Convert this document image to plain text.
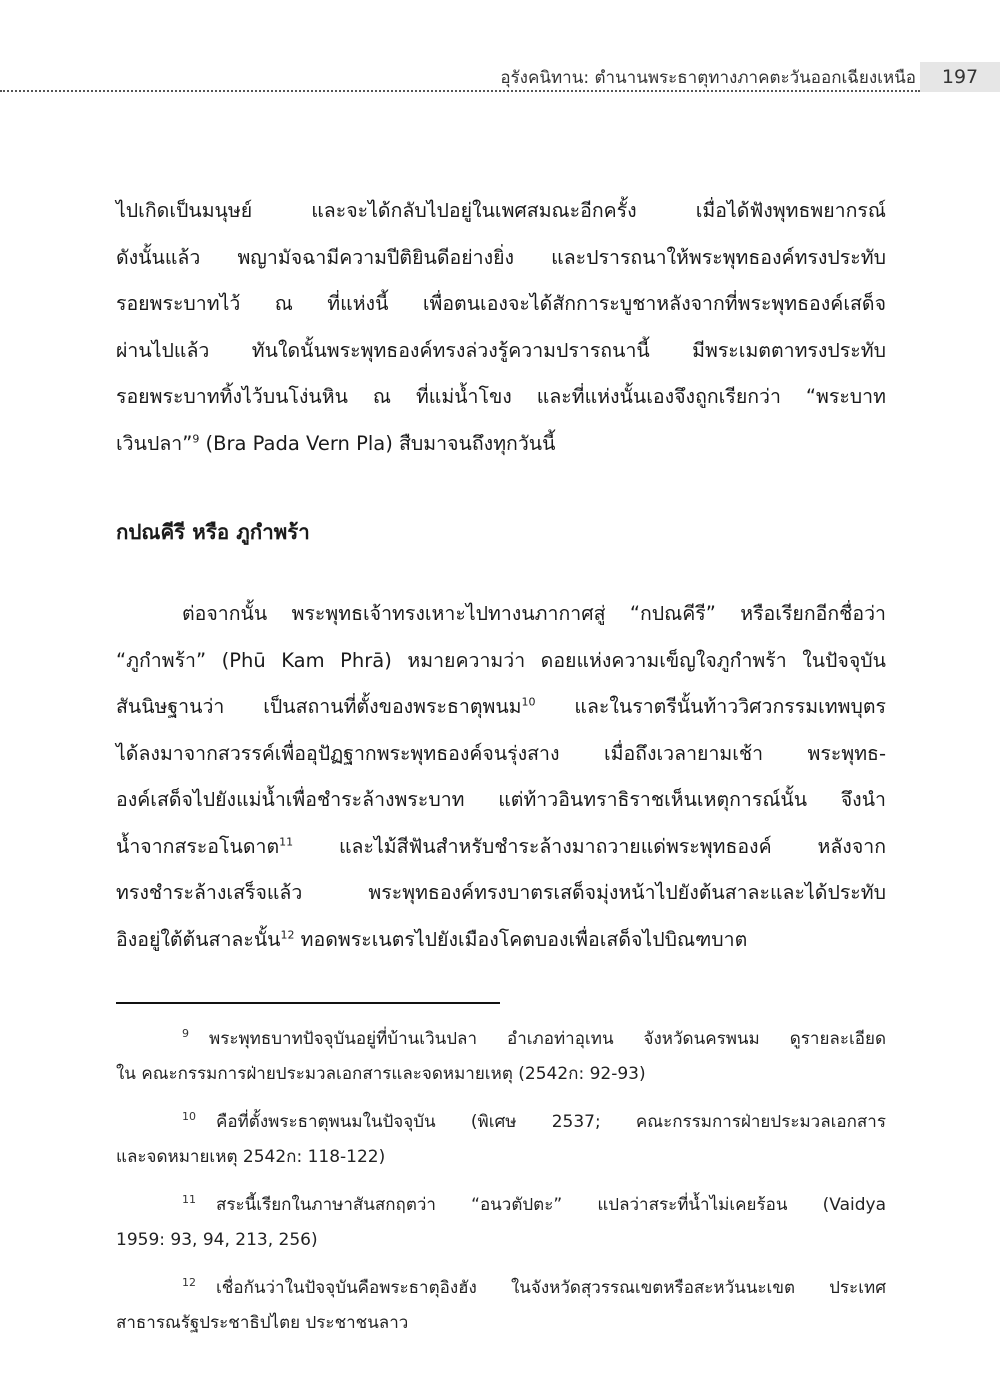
อุรังคนิทาน: ตำนานพระธาตุทางภาคตะวันออกเฉียงเหนือ	197

ไปเกิดเป็นมนุษย์ และจะได้กลับไปอยู่ในเพศสมณะอีกครั้ง เมื่อได้ฟังพุทธพยากรณ์
ดังนั้นแล้ว พญามัจฉามีความปีติยินดีอย่างยิ่ง และปรารถนาให้พระพุทธองค์ทรงประทับ
รอยพระบาทไว้ ณ ที่แห่งนี้ เพื่อตนเองจะได้สักการะบูชาหลังจากที่พระพุทธองค์เสด็จ
ผ่านไปแล้ว ทันใดนั้นพระพุทธองค์ทรงล่วงรู้ความปรารถนานี้ มีพระเมตตาทรงประทับ
รอยพระบาททิ้งไว้บนโง่นหิน ณ ที่แม่น้ำโขง และที่แห่งนั้นเองจึงถูกเรียกว่า “พระบาท
เวินปลา”$^9$ (Bra Pada Vern Pla) สืบมาจนถึงทุกวันนี้

กปณคีรี หรือ ภูกำพร้า

ต่อจากนั้น พระพุทธเจ้าทรงเหาะไปทางนภากาศสู่ “กปณคีรี” หรือเรียกอีกชื่อว่า
“ภูกำพร้า” (Phū Kam Phrā) หมายความว่า ดอยแห่งความเข็ญใจภูกำพร้า ในปัจจุบัน
สันนิษฐานว่า เป็นสถานที่ตั้งของพระธาตุพนม$^{10}$ และในราตรีนั้นท้าววิศวกรรมเทพบุตร
ได้ลงมาจากสวรรค์เพื่ออุปัฏฐากพระพุทธองค์จนรุ่งสาง เมื่อถึงเวลายามเช้า พระพุทธ-
องค์เสด็จไปยังแม่น้ำเพื่อชำระล้างพระบาท แต่ท้าวอินทราธิราชเห็นเหตุการณ์นั้น จึงนำ
น้ำจากสระอโนดาต$^{11}$ และไม้สีฟันสำหรับชำระล้างมาถวายแด่พระพุทธองค์ หลังจาก
ทรงชำระล้างเสร็จแล้ว พระพุทธองค์ทรงบาตรเสด็จมุ่งหน้าไปยังต้นสาละและได้ประทับ
อิงอยู่ใต้ต้นสาละนั้น$^{12}$ ทอดพระเนตรไปยังเมืองโคตบองเพื่อเสด็จไปบิณฑบาต

$^9$ พระพุทธบาทปัจจุบันอยู่ที่บ้านเวินปลา อำเภอท่าอุเทน จังหวัดนครพนม ดูรายละเอียด
ใน คณะกรรมการฝ่ายประมวลเอกสารและจดหมายเหตุ (2542ก: 92-93)

$^{10}$ คือที่ตั้งพระธาตุพนมในปัจจุบัน (พิเศษ 2537; คณะกรรมการฝ่ายประมวลเอกสาร
และจดหมายเหตุ 2542ก: 118-122)

$^{11}$ สระนี้เรียกในภาษาสันสกฤตว่า “อนวตัปตะ” แปลว่าสระที่น้ำไม่เคยร้อน (Vaidya
1959: 93, 94, 213, 256)

$^{12}$ เชื่อกันว่าในปัจจุบันคือพระธาตุอิงฮัง ในจังหวัดสุวรรณเขตหรือสะหวันนะเขต ประเทศ
สาธารณรัฐประชาธิปไตย ประชาชนลาว
